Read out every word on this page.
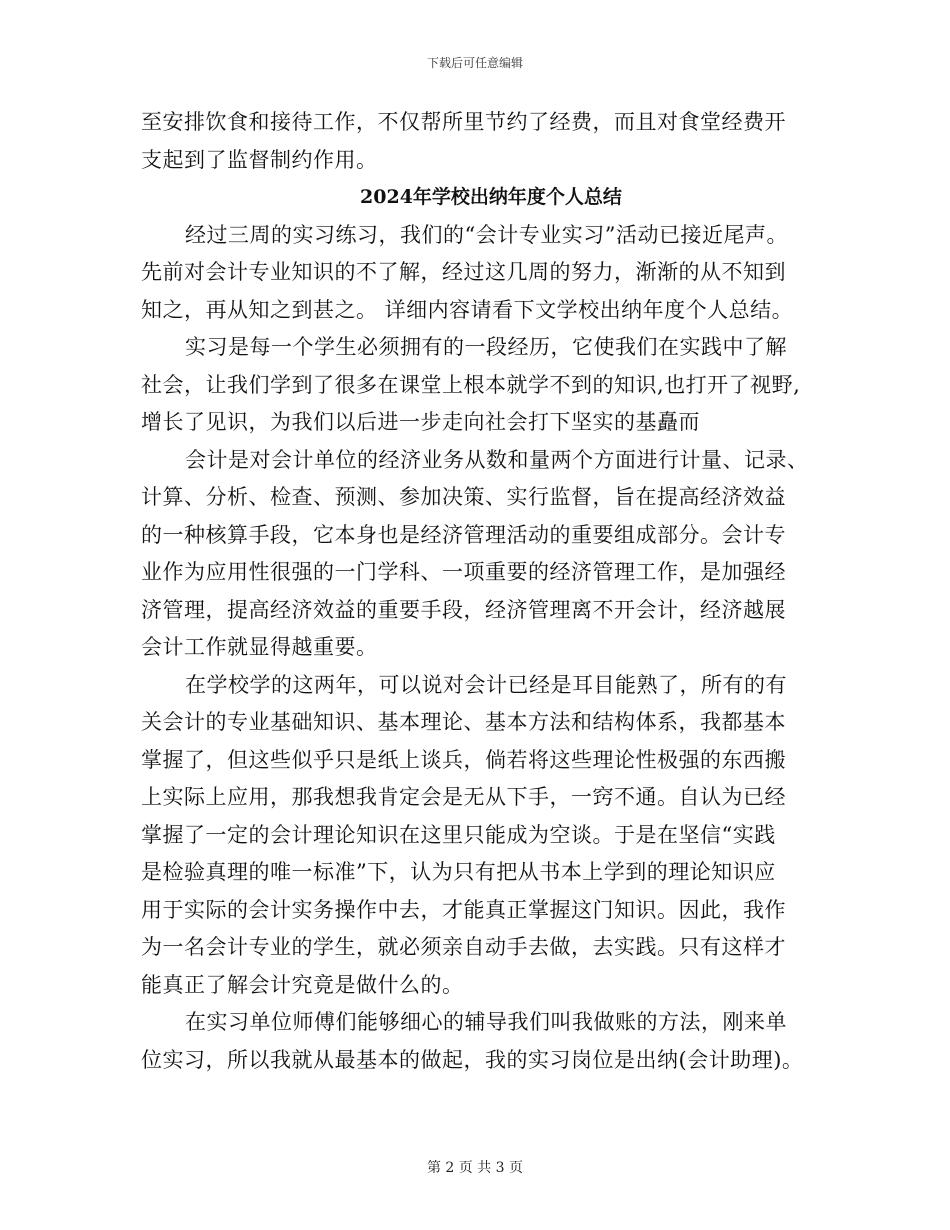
下载后可任意编辑
至安排饮食和接待工作，不仅帮所里节约了经费，而且对食堂经费开
支起到了监督制约作用。
2024年学校出纳年度个人总结
经过三周的实习练习，我们的“会计专业实习”活动已接近尾声。
先前对会计专业知识的不了解，经过这几周的努力，渐渐的从不知到
知之，再从知之到甚之。 详细内容请看下文学校出纳年度个人总结。
实习是每一个学生必须拥有的一段经历，它使我们在实践中了解
社会，让我们学到了很多在课堂上根本就学不到的知识,也打开了视野,
增长了见识，为我们以后进一步走向社会打下坚实的基矗而
会计是对会计单位的经济业务从数和量两个方面进行计量、记录、
计算、分析、检查、预测、参加决策、实行监督，旨在提高经济效益
的一种核算手段，它本身也是经济管理活动的重要组成部分。会计专
业作为应用性很强的一门学科、一项重要的经济管理工作，是加强经
济管理，提高经济效益的重要手段，经济管理离不开会计，经济越展
会计工作就显得越重要。
在学校学的这两年，可以说对会计已经是耳目能熟了，所有的有
关会计的专业基础知识、基本理论、基本方法和结构体系，我都基本
掌握了，但这些似乎只是纸上谈兵，倘若将这些理论性极强的东西搬
上实际上应用，那我想我肯定会是无从下手，一窍不通。自认为已经
掌握了一定的会计理论知识在这里只能成为空谈。于是在坚信“实践
是检验真理的唯一标准”下，认为只有把从书本上学到的理论知识应
用于实际的会计实务操作中去，才能真正掌握这门知识。因此，我作
为一名会计专业的学生，就必须亲自动手去做，去实践。只有这样才
能真正了解会计究竟是做什么的。
在实习单位师傅们能够细心的辅导我们叫我做账的方法，刚来单
位实习，所以我就从最基本的做起，我的实习岗位是出纳(会计助理)。
第 2 页 共 3 页
